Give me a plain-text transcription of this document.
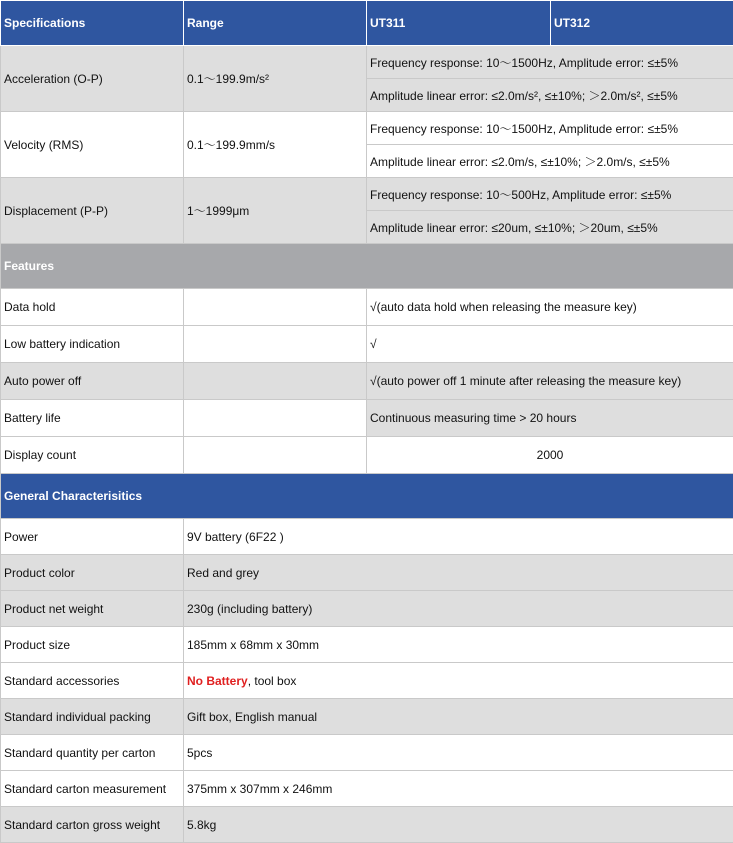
Specifications	Range	UT311	UT312
Acceleration (O-P)	0.1～199.9m/s²	Frequency response: 10～1500Hz, Amplitude error: ≤±5%	
		Amplitude linear error: ≤2.0m/s², ≤±10%; ＞2.0m/s², ≤±5%	
Velocity (RMS)	0.1～199.9mm/s	Frequency response: 10～1500Hz, Amplitude error: ≤±5%	
		Amplitude linear error: ≤2.0m/s, ≤±10%; ＞2.0m/s, ≤±5%	
Displacement (P-P)	1～1999μm	Frequency response: 10～500Hz, Amplitude error: ≤±5%	
		Amplitude linear error: ≤20um, ≤±10%; ＞20um, ≤±5%	
Features			
Data hold		√(auto data hold when releasing the measure key)	
Low battery indication		√	
Auto power off		√(auto power off 1 minute after releasing the measure key)	
Battery life		Continuous measuring time > 20 hours	
Display count		2000	
General Characterisitics			
Power	9V battery (6F22 )		
Product color	Red and grey		
Product net weight	230g (including battery)		
Product size	185mm x 68mm x 30mm		
Standard accessories	No Battery, tool box		
Standard individual packing	Gift box, English manual		
Standard quantity per carton	5pcs		
Standard carton measurement	375mm x 307mm x 246mm		
Standard carton gross weight	5.8kg		
